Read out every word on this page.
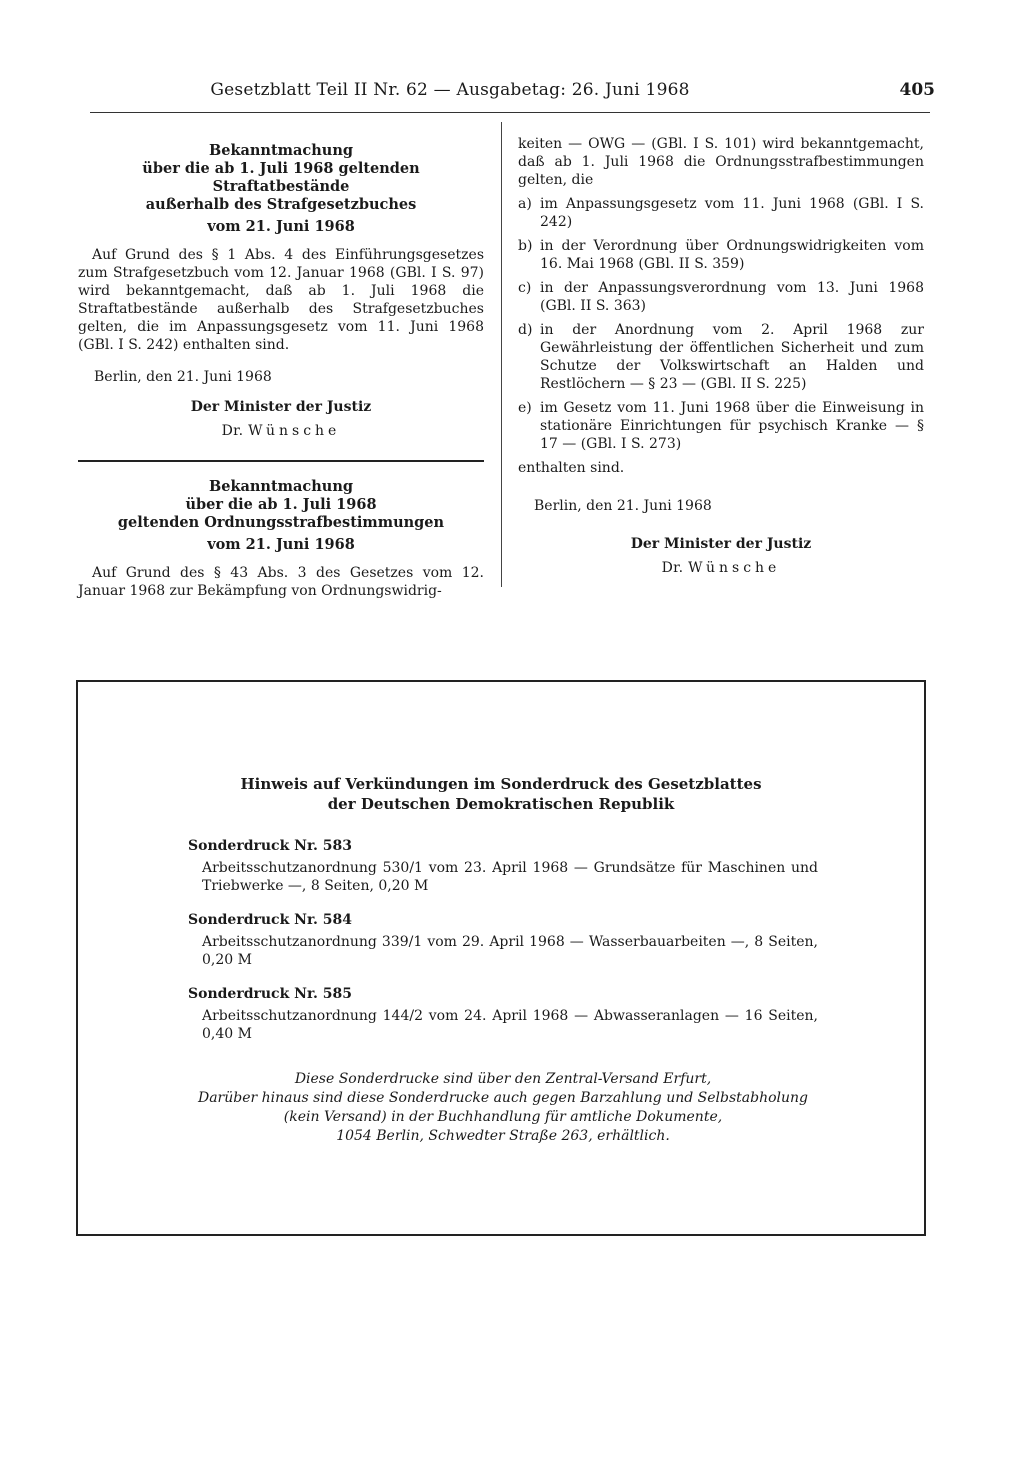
Gesetzblatt Teil II Nr. 62 — Ausgabetag: 26. Juni 1968	405

Bekanntmachung

über die ab 1. Juli 1968 geltenden Straftatbestände

außerhalb des Strafgesetzbuches

vom 21. Juni 1968

Auf Grund des § 1 Abs. 4 des Einführungsgesetzes zum Strafgesetzbuch vom 12. Januar 1968 (GBl. I S. 97) wird bekanntgemacht, daß ab 1. Juli 1968 die Straftatbestände außerhalb des Strafgesetzbuches gelten, die im Anpassungsgesetz vom 11. Juni 1968 (GBl. I S. 242) enthalten sind.

Berlin, den 21. Juni 1968

Der Minister der Justiz

Dr. Wünsche

Bekanntmachung

über die ab 1. Juli 1968

geltenden Ordnungsstrafbestimmungen

vom 21. Juni 1968

Auf Grund des § 43 Abs. 3 des Gesetzes vom 12. Januar 1968 zur Bekämpfung von Ordnungswidrig-

keiten — OWG — (GBl. I S. 101) wird bekanntgemacht, daß ab 1. Juli 1968 die Ordnungsstrafbestimmungen gelten, die

a) im Anpassungsgesetz vom 11. Juni 1968 (GBl. I S. 242)
b) in der Verordnung über Ordnungswidrigkeiten vom 16. Mai 1968 (GBl. II S. 359)
c) in der Anpassungsverordnung vom 13. Juni 1968 (GBl. II S. 363)
d) in der Anordnung vom 2. April 1968 zur Gewährleistung der öffentlichen Sicherheit und zum Schutze der Volkswirtschaft an Halden und Restlöchern — § 23 — (GBl. II S. 225)
e) im Gesetz vom 11. Juni 1968 über die Einweisung in stationäre Einrichtungen für psychisch Kranke — § 17 — (GBl. I S. 273)

enthalten sind.

Berlin, den 21. Juni 1968

Der Minister der Justiz

Dr. Wünsche

Hinweis auf Verkündungen im Sonderdruck des Gesetzblattes
der Deutschen Demokratischen Republik

Sonderdruck Nr. 583

Arbeitsschutzanordnung 530/1 vom 23. April 1968 — Grundsätze für Maschinen und Triebwerke —, 8 Seiten, 0,20 M

Sonderdruck Nr. 584

Arbeitsschutzanordnung 339/1 vom 29. April 1968 — Wasserbauarbeiten —, 8 Seiten, 0,20 M

Sonderdruck Nr. 585

Arbeitsschutzanordnung 144/2 vom 24. April 1968 — Abwasseranlagen — 16 Seiten, 0,40 M

Diese Sonderdrucke sind über den Zentral-Versand Erfurt,
Darüber hinaus sind diese Sonderdrucke auch gegen Barzahlung und Selbstabholung
(kein Versand) in der Buchhandlung für amtliche Dokumente,
1054 Berlin, Schwedter Straße 263, erhältlich.
